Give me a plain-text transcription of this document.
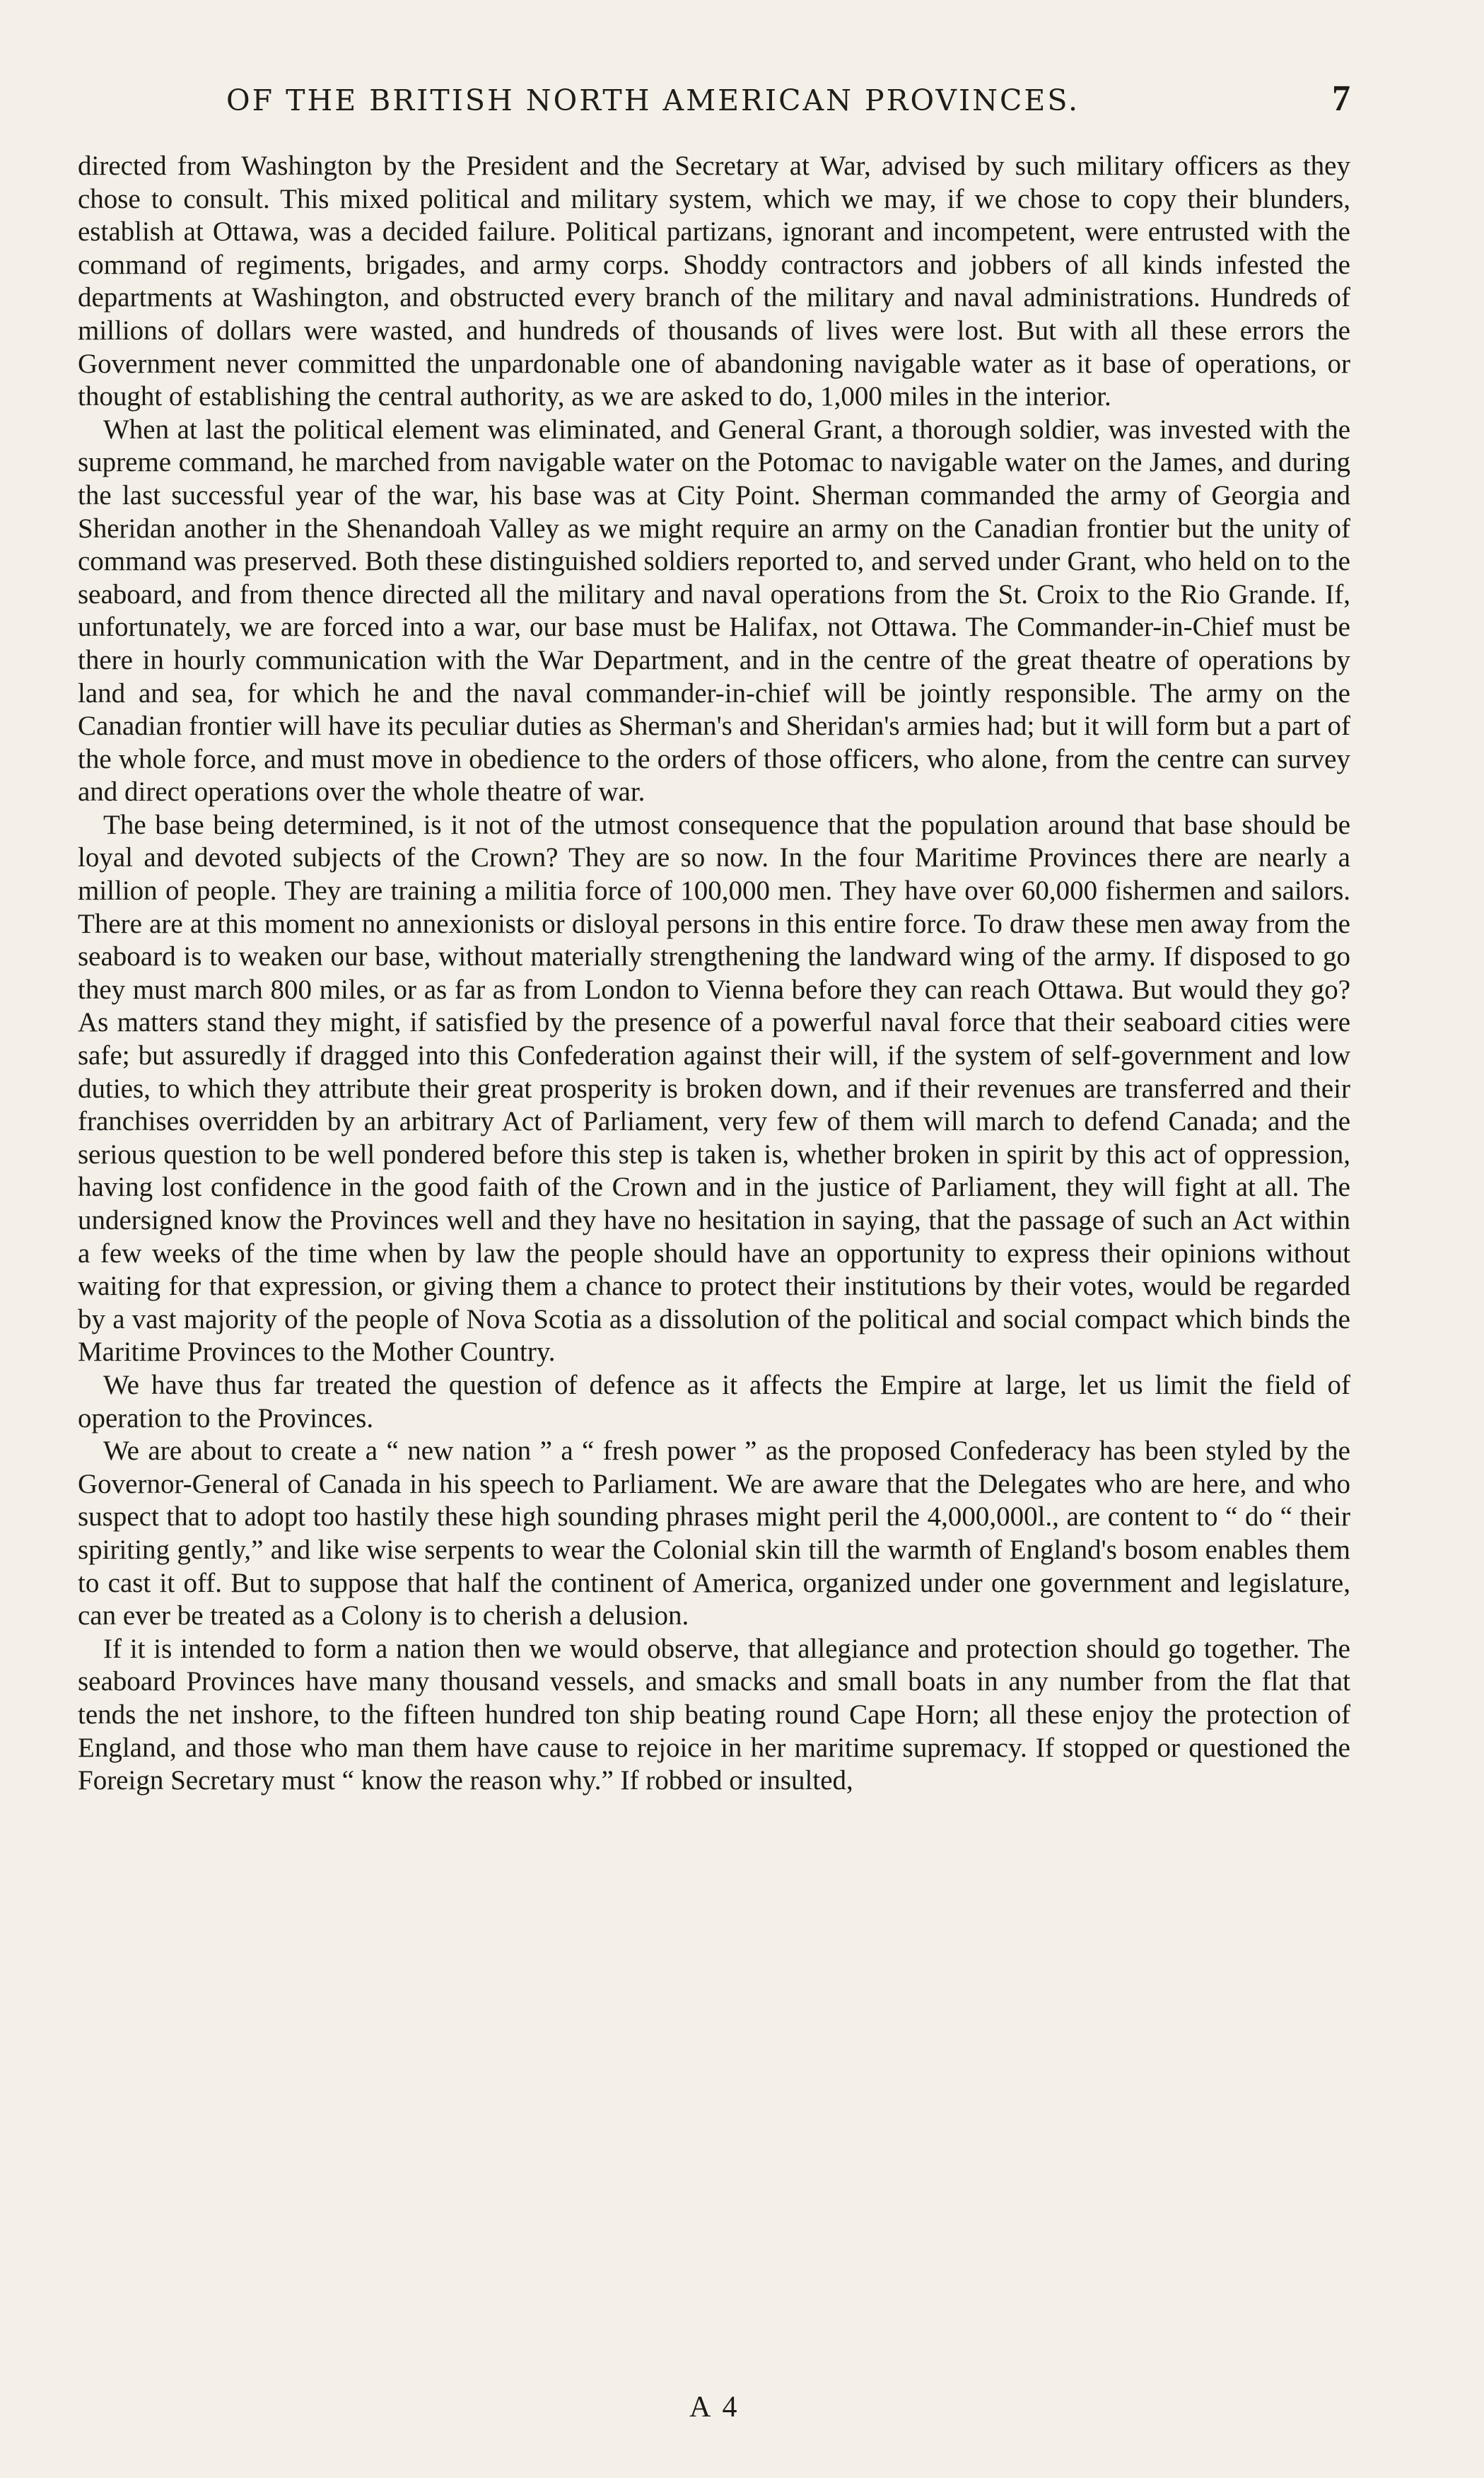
OF THE BRITISH NORTH AMERICAN PROVINCES.	7

directed from Washington by the President and the Secretary at War, advised by such military officers as they chose to consult. This mixed political and military system, which we may, if we chose to copy their blunders, establish at Ottawa, was a decided failure. Political partizans, ignorant and incompetent, were entrusted with the command of regiments, brigades, and army corps. Shoddy contractors and jobbers of all kinds infested the departments at Washington, and obstructed every branch of the military and naval administrations. Hundreds of millions of dollars were wasted, and hundreds of thousands of lives were lost. But with all these errors the Government never committed the unpardonable one of abandoning navigable water as it base of operations, or thought of establishing the central authority, as we are asked to do, 1,000 miles in the interior.

When at last the political element was eliminated, and General Grant, a thorough soldier, was invested with the supreme command, he marched from navigable water on the Potomac to navigable water on the James, and during the last successful year of the war, his base was at City Point. Sherman commanded the army of Georgia and Sheridan another in the Shenandoah Valley as we might require an army on the Canadian frontier but the unity of command was preserved. Both these distinguished soldiers reported to, and served under Grant, who held on to the seaboard, and from thence directed all the military and naval operations from the St. Croix to the Rio Grande. If, unfortunately, we are forced into a war, our base must be Halifax, not Ottawa. The Commander-in-Chief must be there in hourly communication with the War Department, and in the centre of the great theatre of operations by land and sea, for which he and the naval commander-in-chief will be jointly responsible. The army on the Canadian frontier will have its peculiar duties as Sherman's and Sheridan's armies had; but it will form but a part of the whole force, and must move in obedience to the orders of those officers, who alone, from the centre can survey and direct operations over the whole theatre of war.

The base being determined, is it not of the utmost consequence that the population around that base should be loyal and devoted subjects of the Crown? They are so now. In the four Maritime Provinces there are nearly a million of people. They are training a militia force of 100,000 men. They have over 60,000 fishermen and sailors. There are at this moment no annexionists or disloyal persons in this entire force. To draw these men away from the seaboard is to weaken our base, without materially strengthening the landward wing of the army. If disposed to go they must march 800 miles, or as far as from London to Vienna before they can reach Ottawa. But would they go? As matters stand they might, if satisfied by the presence of a powerful naval force that their seaboard cities were safe; but assuredly if dragged into this Confederation against their will, if the system of self-government and low duties, to which they attribute their great prosperity is broken down, and if their revenues are transferred and their franchises overridden by an arbitrary Act of Parliament, very few of them will march to defend Canada; and the serious question to be well pondered before this step is taken is, whether broken in spirit by this act of oppression, having lost confidence in the good faith of the Crown and in the justice of Parliament, they will fight at all. The undersigned know the Provinces well and they have no hesitation in saying, that the passage of such an Act within a few weeks of the time when by law the people should have an opportunity to express their opinions without waiting for that expression, or giving them a chance to protect their institutions by their votes, would be regarded by a vast majority of the people of Nova Scotia as a dissolution of the political and social compact which binds the Maritime Provinces to the Mother Country.

We have thus far treated the question of defence as it affects the Empire at large, let us limit the field of operation to the Provinces.

We are about to create a “ new nation ” a “ fresh power ” as the proposed Confederacy has been styled by the Governor-General of Canada in his speech to Parliament. We are aware that the Delegates who are here, and who suspect that to adopt too hastily these high sounding phrases might peril the 4,000,000l., are content to “ do “ their spiriting gently,” and like wise serpents to wear the Colonial skin till the warmth of England's bosom enables them to cast it off. But to suppose that half the continent of America, organized under one government and legislature, can ever be treated as a Colony is to cherish a delusion.

If it is intended to form a nation then we would observe, that allegiance and protection should go together. The seaboard Provinces have many thousand vessels, and smacks and small boats in any number from the flat that tends the net inshore, to the fifteen hundred ton ship beating round Cape Horn; all these enjoy the protection of England, and those who man them have cause to rejoice in her maritime supremacy. If stopped or questioned the Foreign Secretary must “ know the reason why.” If robbed or insulted,

A 4
